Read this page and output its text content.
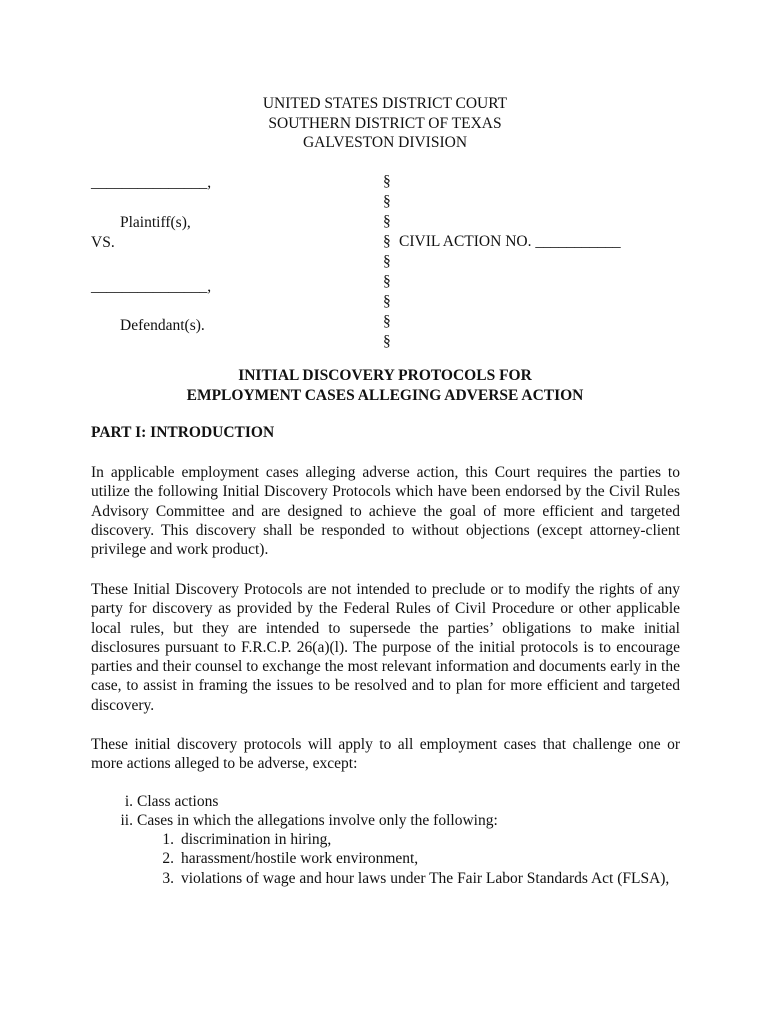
UNITED STATES DISTRICT COURT
SOUTHERN DISTRICT OF TEXAS
GALVESTON DIVISION
_______________,
Plaintiff(s),
VS.
_______________,
Defendant(s).
§
§
§
§
§
§
§
§
§
CIVIL ACTION NO. ___________
INITIAL DISCOVERY PROTOCOLS FOR
EMPLOYMENT CASES ALLEGING ADVERSE ACTION
PART I: INTRODUCTION

In applicable employment cases alleging adverse action, this Court requires the parties to utilize the following Initial Discovery Protocols which have been endorsed by the Civil Rules Advisory Committee and are designed to achieve the goal of more efficient and targeted discovery. This discovery shall be responded to without objections (except attorney-client privilege and work product).

These Initial Discovery Protocols are not intended to preclude or to modify the rights of any party for discovery as provided by the Federal Rules of Civil Procedure or other applicable local rules, but they are intended to supersede the parties’ obligations to make initial disclosures pursuant to F.R.C.P. 26(a)(l). The purpose of the initial protocols is to encourage parties and their counsel to exchange the most relevant information and documents early in the case, to assist in framing the issues to be resolved and to plan for more efficient and targeted discovery.

These initial discovery protocols will apply to all employment cases that challenge one or more actions alleged to be adverse, except:

i. Class actions
ii. Cases in which the allegations involve only the following:
1. discrimination in hiring,
2. harassment/hostile work environment,
3. violations of wage and hour laws under The Fair Labor Standards Act (FLSA),
